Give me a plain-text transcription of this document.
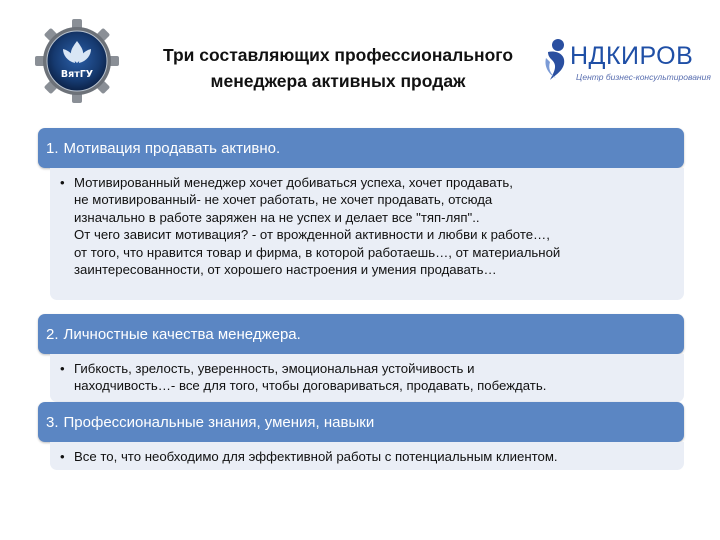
ВятГУ
Три составляющих профессионального
менеджера активных продаж
НДКИРОВ
Центр бизнес-консультирования
1. Мотивация продавать активно.
• Мотивированный менеджер хочет добиваться успеха, хочет продавать,
не мотивированный- не хочет работать, не хочет продавать, отсюда
изначально в работе заряжен на не успех и делает все "тяп-ляп"..
От чего зависит мотивация? - от врожденной активности и любви к работе…,
от того, что нравится товар и фирма, в которой работаешь…, от материальной
заинтересованности, от хорошего настроения и умения продавать…
2. Личностные качества менеджера.
• Гибкость, зрелость, уверенность, эмоциональная устойчивость и
находчивость…- все для того, чтобы договариваться, продавать, побеждать.
3. Профессиональные знания, умения, навыки
• Все то, что необходимо для эффективной работы с потенциальным клиентом.
